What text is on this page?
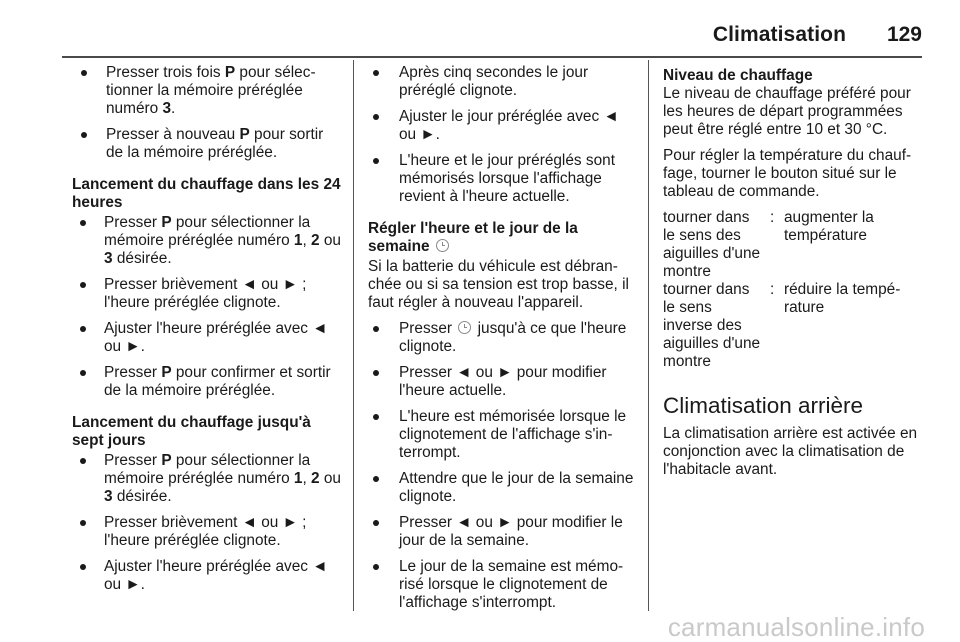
Climatisation 129
Presser trois fois P pour sélec-tionner la mémoire préréglée numéro 3.
Presser à nouveau P pour sortir de la mémoire préréglée.
Lancement du chauffage dans les 24 heures
Presser P pour sélectionner la mémoire préréglée numéro 1, 2 ou 3 désirée.
Presser brièvement ◄ ou ► ; l'heure préréglée clignote.
Ajuster l'heure préréglée avec ◄ ou ►.
Presser P pour confirmer et sortir de la mémoire préréglée.
Lancement du chauffage jusqu'à sept jours
Presser P pour sélectionner la mémoire préréglée numéro 1, 2 ou 3 désirée.
Presser brièvement ◄ ou ► ; l'heure préréglée clignote.
Ajuster l'heure préréglée avec ◄ ou ►.
Après cinq secondes le jour préréglé clignote.
Ajuster le jour préréglée avec ◄ ou ►.
L'heure et le jour préréglés sont mémorisés lorsque l'affichage revient à l'heure actuelle.
Régler l'heure et le jour de la semaine
Si la batterie du véhicule est débran-chée ou si sa tension est trop basse, il faut régler à nouveau l'appareil.
Presser  jusqu'à ce que l'heure clignote.
Presser ◄ ou ► pour modifier l'heure actuelle.
L'heure est mémorisée lorsque le clignotement de l'affichage s'in-terrompt.
Attendre que le jour de la semaine clignote.
Presser ◄ ou ► pour modifier le jour de la semaine.
Le jour de la semaine est mémo-risé lorsque le clignotement de l'affichage s'interrompt.
Niveau de chauffage
Le niveau de chauffage préféré pour les heures de départ programmées peut être réglé entre 10 et 30 °C.
Pour régler la température du chauf-fage, tourner le bouton situé sur le tableau de commande.
tourner dans le sens des aiguilles d'une montre	:	augmenter la température
tourner dans le sens inverse des aiguilles d'une montre	:	réduire la tempé-rature
Climatisation arrière
La climatisation arrière est activée en conjonction avec la climatisation de l'habitacle avant.
carmanualsonline.info
